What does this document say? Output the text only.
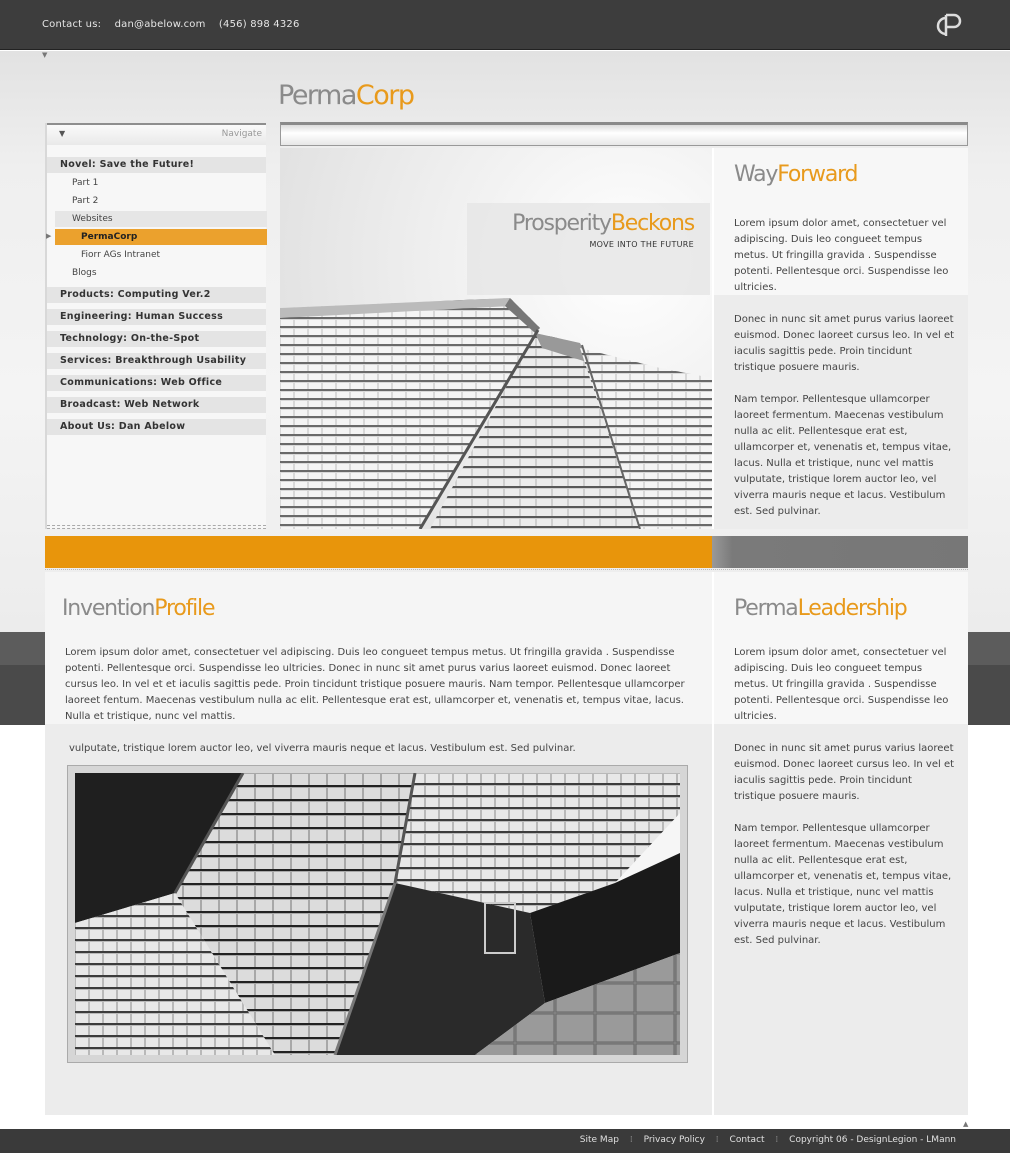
Contact us: dan@abelow.com (456) 898 4326
▼
PermaCorp
▼	Navigate
Novel: Save the Future!
Part 1
Part 2
Websites
PermaCorp
Fiorr AGs Intranet
Blogs
Products: Computing Ver.2
Engineering: Human Success
Technology: On-the-Spot
Services: Breakthrough Usability
Communications: Web Office
Broadcast: Web Network
About Us: Dan Abelow
▶	ProsperityBeckons
MOVE INTO THE FUTURE
WayForward
Lorem ipsum dolor amet, consectetuer vel adipiscing. Duis leo congueet tempus metus. Ut fringilla gravida . Suspendisse potenti. Pellentesque orci. Suspendisse leo ultricies.
Donec in nunc sit amet purus varius laoreet euismod. Donec laoreet cursus leo. In vel et iaculis sagittis pede. Proin tincidunt tristique posuere mauris.
Nam tempor. Pellentesque ullamcorper laoreet fermentum. Maecenas vestibulum nulla ac elit. Pellentesque erat est, ullamcorper et, venenatis et, tempus vitae, lacus. Nulla et tristique, nunc vel mattis vulputate, tristique lorem auctor leo, vel viverra mauris neque et lacus. Vestibulum est. Sed pulvinar.
InventionProfile
Lorem ipsum dolor amet, consectetuer vel adipiscing. Duis leo congueet tempus metus. Ut fringilla gravida . Suspendisse potenti. Pellentesque orci. Suspendisse leo ultricies. Donec in nunc sit amet purus varius laoreet euismod. Donec laoreet cursus leo. In vel et et iaculis sagittis pede. Proin tincidunt tristique posuere mauris. Nam tempor. Pellentesque ullamcorper laoreet fentum. Maecenas vestibulum nulla ac elit. Pellentesque erat est, ullamcorper et, venenatis et, tempus vitae, lacus. Nulla et tristique, nunc vel mattis.
vulputate, tristique lorem auctor leo, vel viverra mauris neque et lacus. Vestibulum est. Sed pulvinar.
PermaLeadership
Lorem ipsum dolor amet, consectetuer vel adipiscing. Duis leo congueet tempus metus. Ut fringilla gravida . Suspendisse potenti. Pellentesque orci. Suspendisse leo ultricies.
Donec in nunc sit amet purus varius laoreet euismod. Donec laoreet cursus leo. In vel et iaculis sagittis pede. Proin tincidunt tristique posuere mauris.
Nam tempor. Pellentesque ullamcorper laoreet fermentum. Maecenas vestibulum nulla ac elit. Pellentesque erat est, ullamcorper et, venenatis et, tempus vitae, lacus. Nulla et tristique, nunc vel mattis vulputate, tristique lorem auctor leo, vel viverra mauris neque et lacus. Vestibulum est. Sed pulvinar.
▲
Site Map ⁞ Privacy Policy ⁞ Contact ⁞ Copyright 06 - DesignLegion - LMann
